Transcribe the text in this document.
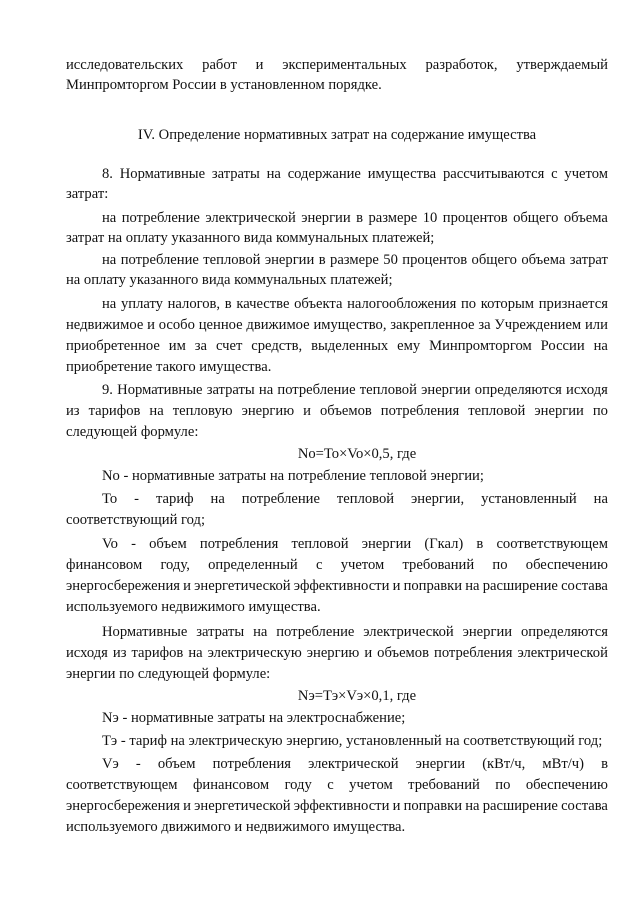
исследовательских работ и экспериментальных разработок, утверждаемый
Минпромторгом России в установленном порядке.
IV. Определение нормативных затрат на содержание имущества
8. Нормативные затраты на содержание имущества рассчитываются с учетом
затрат:
на потребление электрической энергии в размере 10 процентов общего объема
затрат на оплату указанного вида коммунальных платежей;
на потребление тепловой энергии в размере 50 процентов общего объема затрат
на оплату указанного вида коммунальных платежей;
на уплату налогов, в качестве объекта налогообложения по которым признается
недвижимое и особо ценное движимое имущество, закрепленное за Учреждением или
приобретенное им за счет средств, выделенных ему Минпромторгом России на
приобретение такого имущества.
9. Нормативные затраты на потребление тепловой энергии определяются исходя
из тарифов на тепловую энергию и объемов потребления тепловой энергии по
следующей формуле:
No=To×Vo×0,5, где
No - нормативные затраты на потребление тепловой энергии;
To - тариф на потребление тепловой энергии, установленный на
соответствующий год;
Vo - объем потребления тепловой энергии (Гкал) в соответствующем
финансовом году, определенный с учетом требований по обеспечению
энергосбережения и энергетической эффективности и поправки на расширение состава
используемого недвижимого имущества.
Нормативные затраты на потребление электрической энергии определяются
исходя из тарифов на электрическую энергию и объемов потребления электрической
энергии по следующей формуле:
Nэ=Tэ×Vэ×0,1, где
Nэ - нормативные затраты на электроснабжение;
Tэ - тариф на электрическую энергию, установленный на соответствующий год;
Vэ - объем потребления электрической энергии (кВт/ч, мВт/ч) в
соответствующем финансовом году с учетом требований по обеспечению
энергосбережения и энергетической эффективности и поправки на расширение состава
используемого движимого и недвижимого имущества.
